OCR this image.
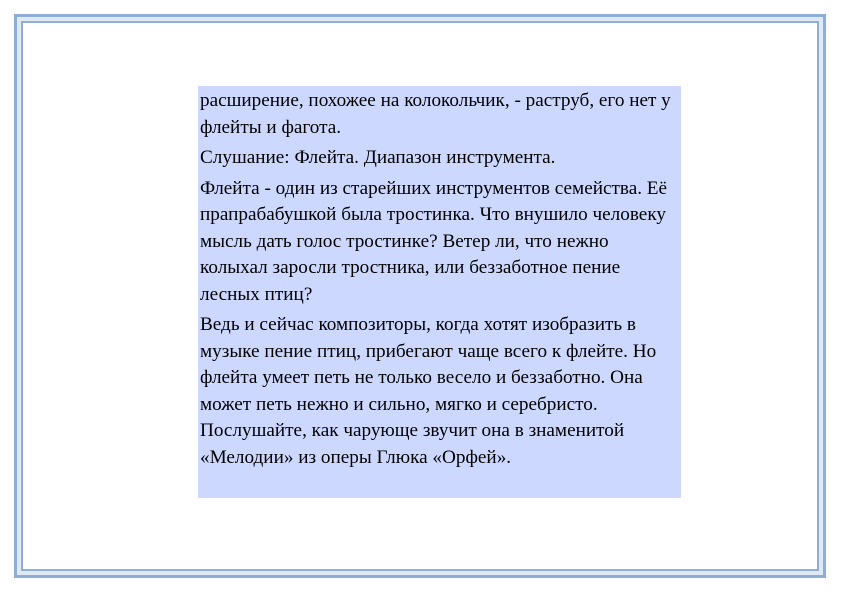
расширение, похожее на колокольчик, - раструб, его нет у флейты и фагота.

Слушание: Флейта. Диапазон инструмента.

Флейта - один из старейших инструментов семейства. Её прапрабабушкой была тростинка. Что внушило человеку мысль дать голос тростинке? Ветер ли, что нежно колыхал заросли тростника, или беззаботное пение лесных птиц?

Ведь и сейчас композиторы, когда хотят изобразить в музыке пение птиц, прибегают чаще всего к флейте. Но флейта умеет петь не только весело и беззаботно. Она может петь нежно и сильно, мягко и серебристо. Послушайте, как чарующе звучит она в знаменитой «Мелодии» из оперы Глюка «Орфей».
